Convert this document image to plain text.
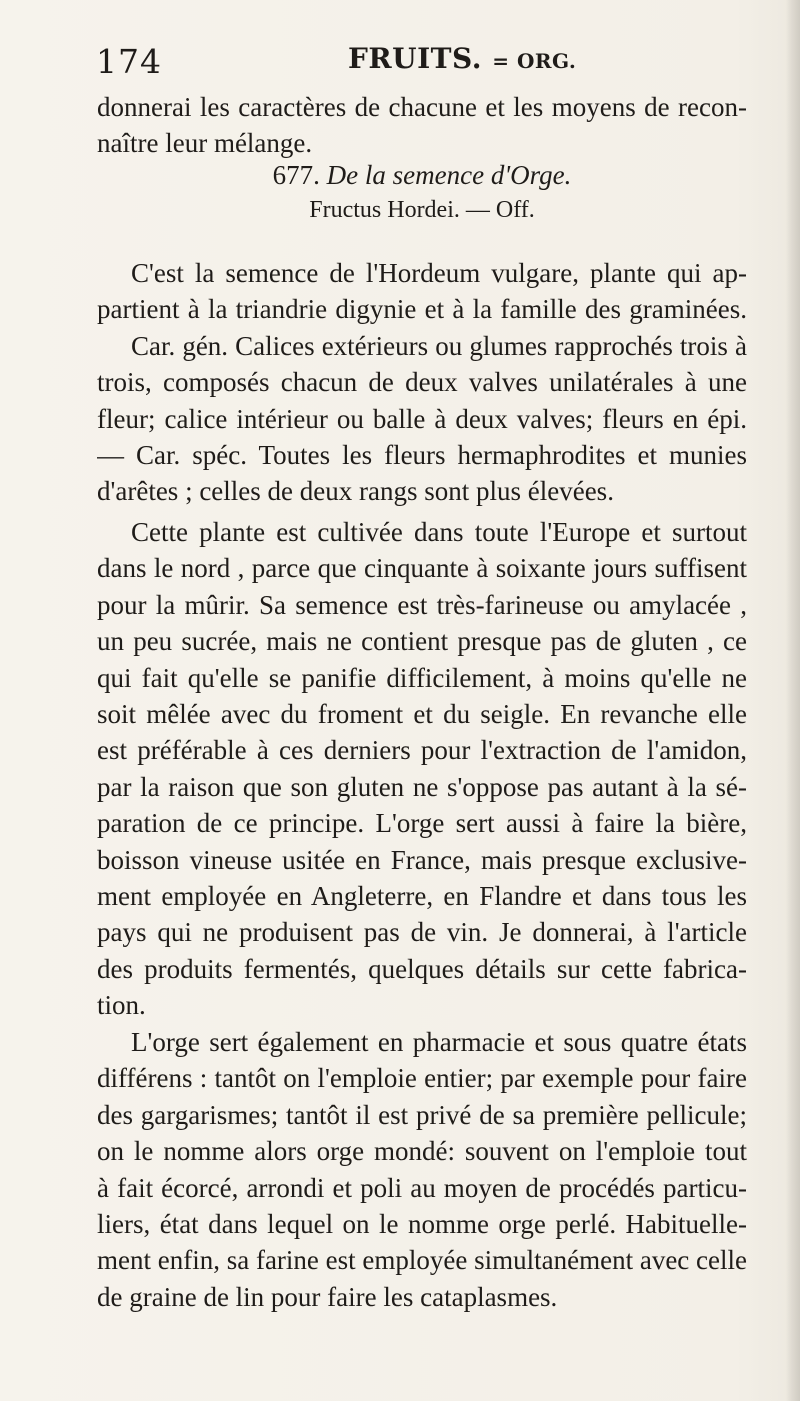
174	FRUITS. = ORG.
donnerai les caractères de chacune et les moyens de recon-
naître leur mélange.
677. De la semence d'Orge.
Fructus Hordei. — Off.
C'est la semence de l'Hordeum vulgare, plante qui ap-
partient à la triandrie digynie et à la famille des graminées.
Car. gén. Calices extérieurs ou glumes rapprochés trois à
trois, composés chacun de deux valves unilatérales à une
fleur; calice intérieur ou balle à deux valves; fleurs en épi.
— Car. spéc. Toutes les fleurs hermaphrodites et munies
d'arêtes ; celles de deux rangs sont plus élevées.
Cette plante est cultivée dans toute l'Europe et surtout
dans le nord , parce que cinquante à soixante jours suffisent
pour la mûrir. Sa semence est très-farineuse ou amylacée ,
un peu sucrée, mais ne contient presque pas de gluten , ce
qui fait qu'elle se panifie difficilement, à moins qu'elle ne
soit mêlée avec du froment et du seigle. En revanche elle
est préférable à ces derniers pour l'extraction de l'amidon,
par la raison que son gluten ne s'oppose pas autant à la sé-
paration de ce principe. L'orge sert aussi à faire la bière,
boisson vineuse usitée en France, mais presque exclusive-
ment employée en Angleterre, en Flandre et dans tous les
pays qui ne produisent pas de vin. Je donnerai, à l'article
des produits fermentés, quelques détails sur cette fabrica-
tion.
L'orge sert également en pharmacie et sous quatre états
différens : tantôt on l'emploie entier; par exemple pour faire
des gargarismes; tantôt il est privé de sa première pellicule;
on le nomme alors orge mondé: souvent on l'emploie tout
à fait écorcé, arrondi et poli au moyen de procédés particu-
liers, état dans lequel on le nomme orge perlé. Habituelle-
ment enfin, sa farine est employée simultanément avec celle
de graine de lin pour faire les cataplasmes.
